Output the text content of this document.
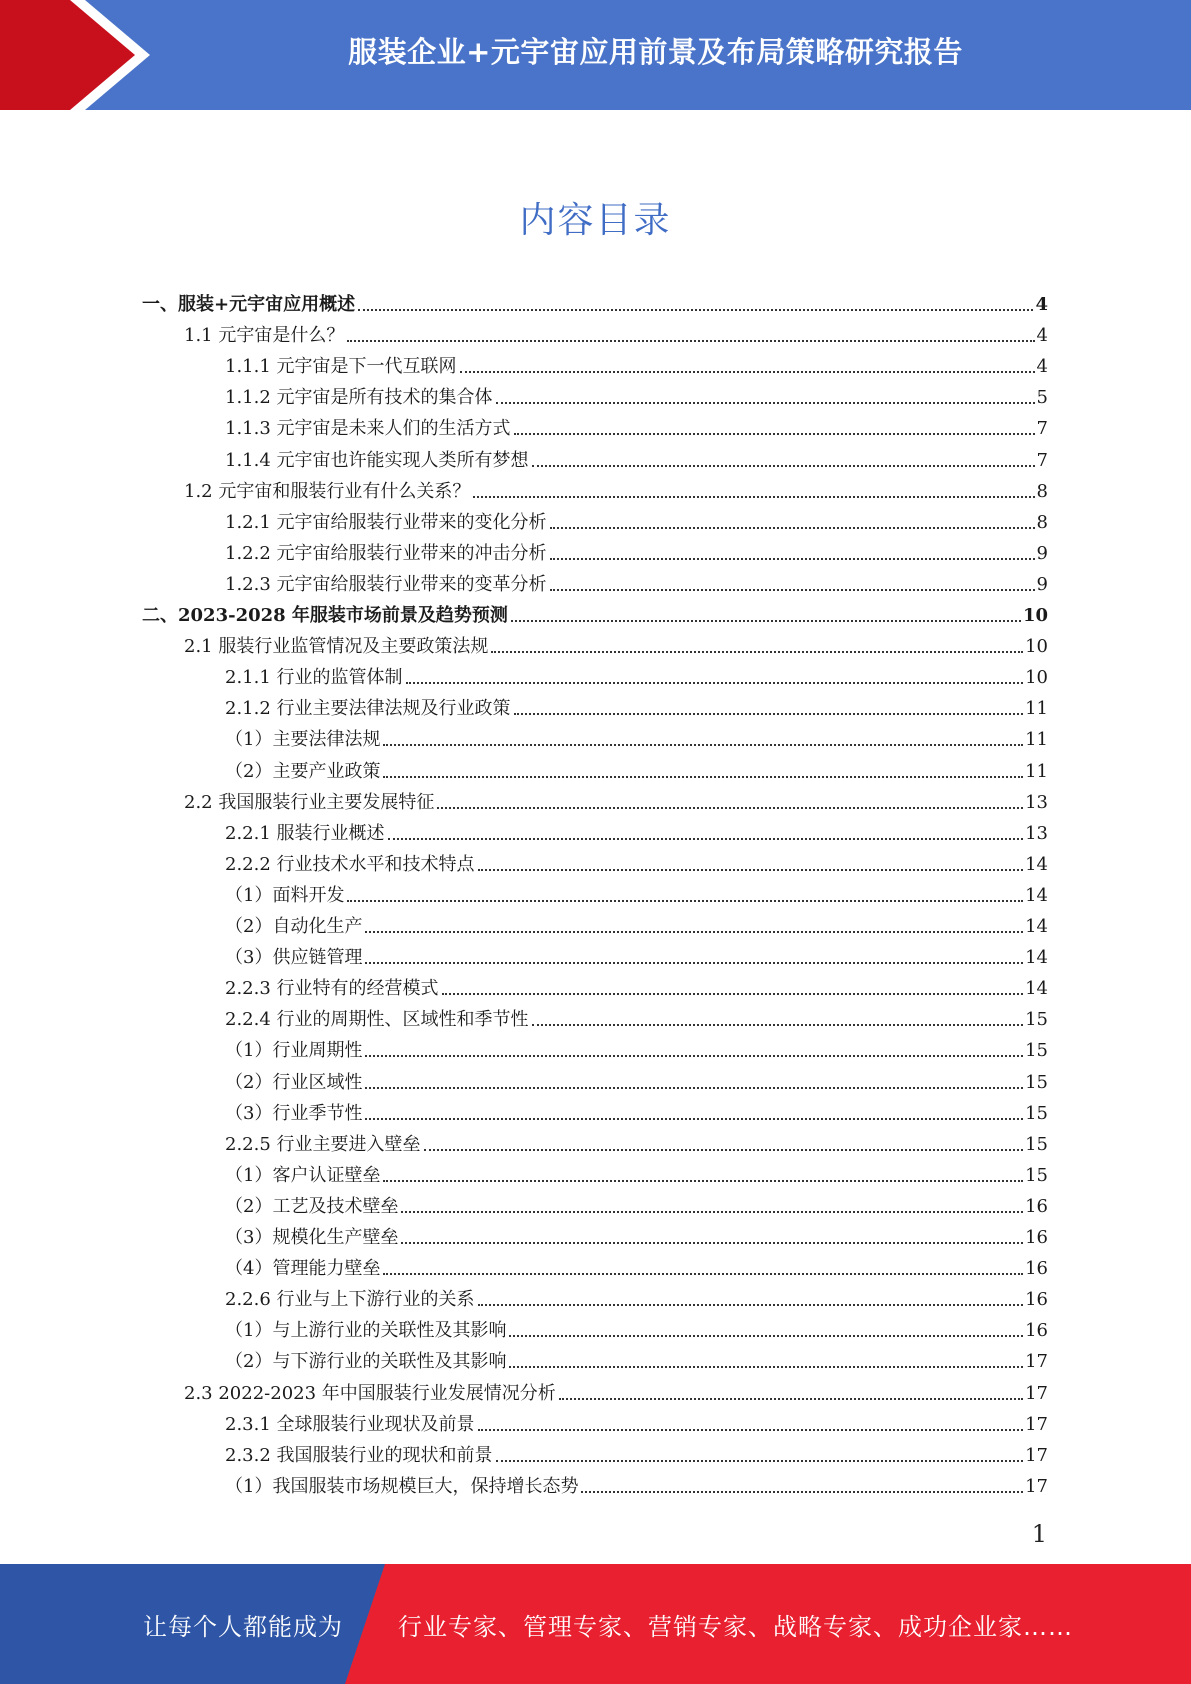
服装企业+元宇宙应用前景及布局策略研究报告
内容目录
一、服装+元宇宙应用概述	4
1.1 元宇宙是什么？	4
1.1.1 元宇宙是下一代互联网	4
1.1.2 元宇宙是所有技术的集合体	5
1.1.3 元宇宙是未来人们的生活方式	7
1.1.4 元宇宙也许能实现人类所有梦想	7
1.2 元宇宙和服装行业有什么关系？	8
1.2.1 元宇宙给服装行业带来的变化分析	8
1.2.2 元宇宙给服装行业带来的冲击分析	9
1.2.3 元宇宙给服装行业带来的变革分析	9
二、2023-2028 年服装市场前景及趋势预测	10
2.1 服装行业监管情况及主要政策法规	10
2.1.1 行业的监管体制	10
2.1.2 行业主要法律法规及行业政策	11
（1）主要法律法规	11
（2）主要产业政策	11
2.2 我国服装行业主要发展特征	13
2.2.1 服装行业概述	13
2.2.2 行业技术水平和技术特点	14
（1）面料开发	14
（2）自动化生产	14
（3）供应链管理	14
2.2.3 行业特有的经营模式	14
2.2.4 行业的周期性、区域性和季节性	15
（1）行业周期性	15
（2）行业区域性	15
（3）行业季节性	15
2.2.5 行业主要进入壁垒	15
（1）客户认证壁垒	15
（2）工艺及技术壁垒	16
（3）规模化生产壁垒	16
（4）管理能力壁垒	16
2.2.6 行业与上下游行业的关系	16
（1）与上游行业的关联性及其影响	16
（2）与下游行业的关联性及其影响	17
2.3 2022-2023 年中国服装行业发展情况分析	17
2.3.1 全球服装行业现状及前景	17
2.3.2 我国服装行业的现状和前景	17
（1）我国服装市场规模巨大，保持增长态势	17
1
让每个人都能成为 行业专家、管理专家、营销专家、战略专家、成功企业家……
